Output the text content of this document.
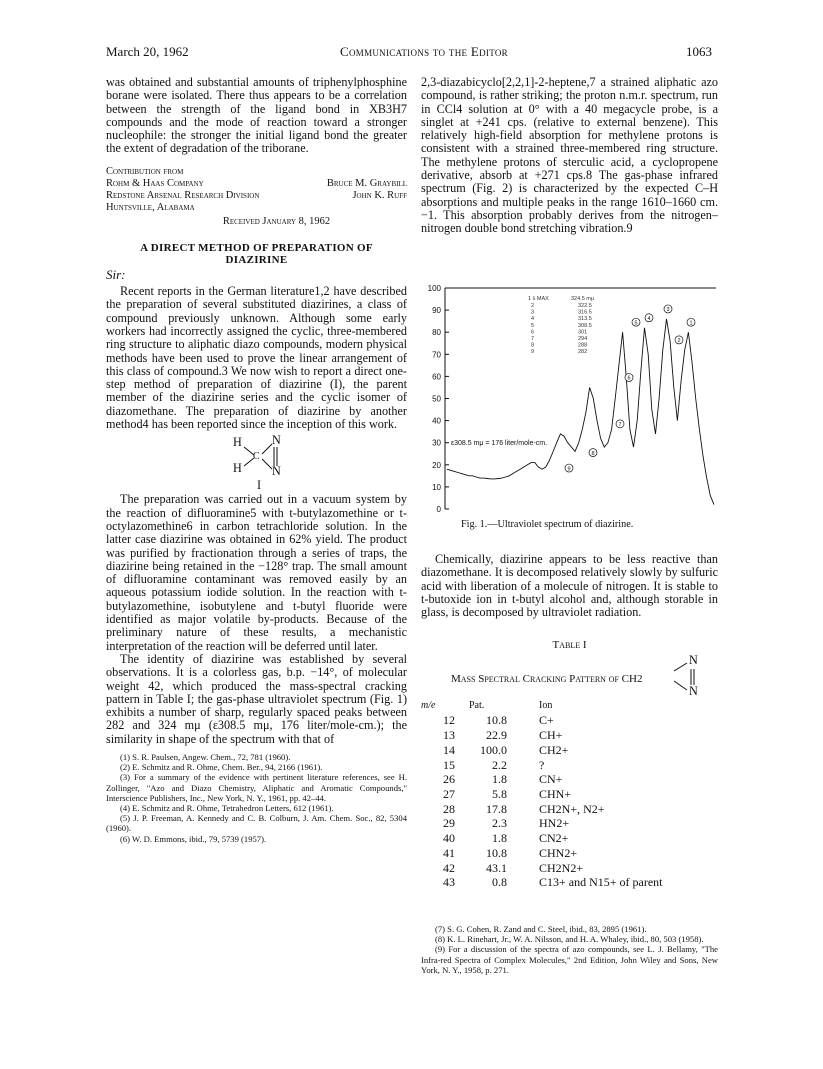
March 20, 1962	Communications to the Editor	1063

was obtained and substantial amounts of triphenylphosphine borane were isolated. There thus appears to be a correlation between the strength of the ligand bond in XB3H7 compounds and the mode of reaction toward a stronger nucleophile: the stronger the initial ligand bond the greater the extent of degradation of the triborane.

Contribution from
Rohm & Haas Company	Bruce M. Graybill
Redstone Arsenal Research Division	John K. Ruff
Huntsville, Alabama
Received January 8, 1962
A DIRECT METHOD OF PREPARATION OF DIAZIRINE

Sir:

Recent reports in the German literature1,2 have described the preparation of several substituted diazirines, a class of compound previously unknown. Although some early workers had incorrectly assigned the cyclic, three-membered ring structure to aliphatic diazo compounds, modern physical methods have been used to prove the linear arrangement of this class of compound.3 We now wish to report a direct one-step method of preparation of diazirine (I), the parent member of the diazirine series and the cyclic isomer of diazomethane. The preparation of diazirine by another method4 has been reported since the inception of this work.

H
H
C
N
N
I

The preparation was carried out in a vacuum system by the reaction of difluoramine5 with t-butylazomethine or t-octylazomethine6 in carbon tetrachloride solution. In the latter case diazirine was obtained in 62% yield. The product was purified by fractionation through a series of traps, the diazirine being retained in the −128° trap. The small amount of difluoramine contaminant was removed easily by an aqueous potassium iodide solution. In the reaction with t-butylazomethine, isobutylene and t-butyl fluoride were identified as major volatile by-products. Because of the preliminary nature of these results, a mechanistic interpretation of the reaction will be deferred until later.

The identity of diazirine was established by several observations. It is a colorless gas, b.p. −14°, of molecular weight 42, which produced the mass-spectral cracking pattern in Table I; the gas-phase ultraviolet spectrum (Fig. 1) exhibits a number of sharp, regularly spaced peaks between 282 and 324 mμ (ε308.5 mμ, 176 liter/mole-cm.); the similarity in shape of the spectrum with that of

(1) S. R. Paulsen, Angew. Chem., 72, 781 (1960).

(2) E. Schmitz and R. Ohme, Chem. Ber., 94, 2166 (1961).

(3) For a summary of the evidence with pertinent literature references, see H. Zollinger, "Azo and Diazo Chemistry, Aliphatic and Aromatic Compounds," Interscience Publishers, Inc., New York, N. Y., 1961, pp. 42–44.

(4) E. Schmitz and R. Ohme, Tetrahedron Letters, 612 (1961).

(5) J. P. Freeman, A. Kennedy and C. B. Colburn, J. Am. Chem. Soc., 82, 5304 (1960).

(6) W. D. Emmons, ibid., 79, 5739 (1957).

2,3-diazabicyclo[2,2,1]-2-heptene,7 a strained aliphatic azo compound, is rather striking; the proton n.m.r. spectrum, run in CCl4 solution at 0° with a 40 megacycle probe, is a singlet at +241 cps. (relative to external benzene). This relatively high-field absorption for methylene protons is consistent with a strained three-membered ring structure. The methylene protons of sterculic acid, a cyclopropene derivative, absorb at +271 cps.8 The gas-phase infrared spectrum (Fig. 2) is characterized by the expected C–H absorptions and multiple peaks in the range 1610–1660 cm.−1. This absorption probably derives from the nitrogen–nitrogen double bond stretching vibration.9

100
90
80
70
60
50
40
30
20
10
0
1 λ MAX	324.5 mμ
2	322.5
3	316.5
4	313.5
5	308.5
6	301
7	294
8	288
9	282
9
8
7
6
5
4
3
2
1
ε308.5 mμ = 176 liter/mole-cm.
Fig. 1.—Ultraviolet spectrum of diazirine.

Chemically, diazirine appears to be less reactive than diazomethane. It is decomposed relatively slowly by sulfuric acid with liberation of a molecule of nitrogen. It is stable to t-butoxide ion in t-butyl alcohol and, although storable in glass, is decomposed by ultraviolet radiation.

Table I
Mass Spectral Cracking Pattern of CH2
N
N
m/e	Pat.	Ion
12	10.8	C+
13	22.9	CH+
14	100.0	CH2+
15	2.2	?
26	1.8	CN+
27	5.8	CHN+
28	17.8	CH2N+, N2+
29	2.3	HN2+
40	1.8	CN2+
41	10.8	CHN2+
42	43.1	CH2N2+
43	0.8	C13+ and N15+ of parent

(7) S. G. Cohen, R. Zand and C. Steel, ibid., 83, 2895 (1961).

(8) K. L. Rinehart, Jr., W. A. Nilsson, and H. A. Whaley, ibid., 80, 503 (1958).

(9) For a discussion of the spectra of azo compounds, see L. J. Bellamy, "The Infra-red Spectra of Complex Molecules," 2nd Edition, John Wiley and Sons, New York, N. Y., 1958, p. 271.
